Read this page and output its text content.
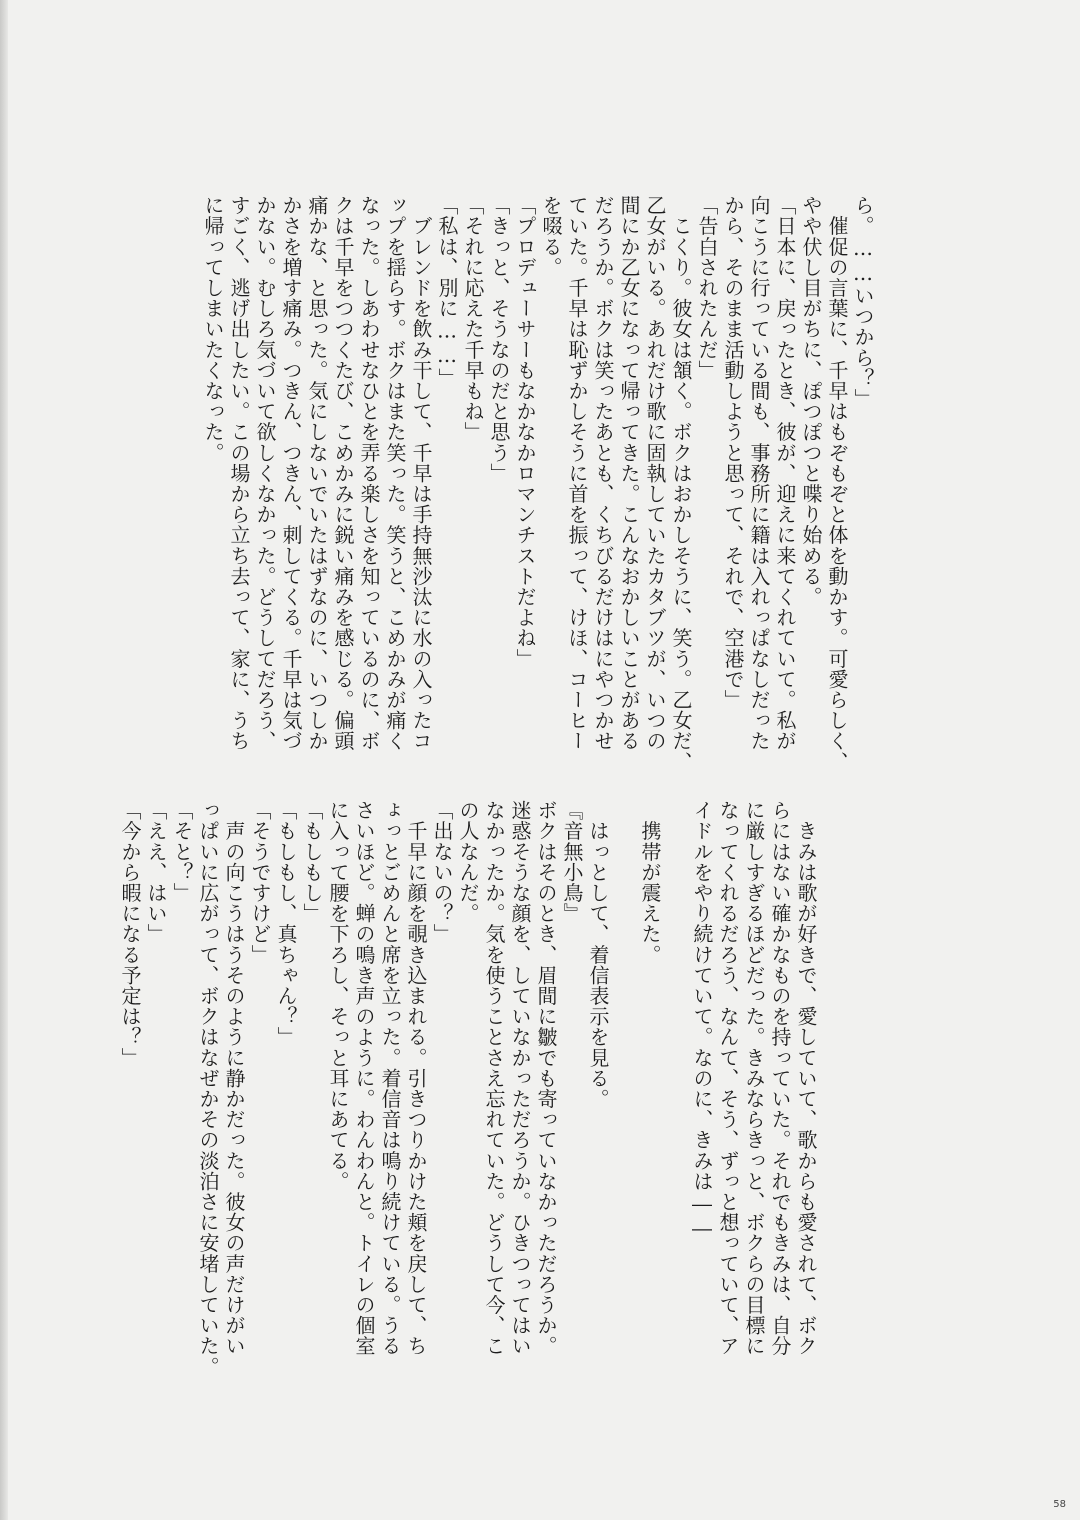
ら。……いつから？」

　催促の言葉に、千早はもぞもぞと体を動かす。可愛らしく、

やや伏し目がちに、ぽつぽつと喋り始める。

「日本に、戻ったとき、彼が、迎えに来てくれていて。私が

向こうに行っている間も、事務所に籍は入れっぱなしだった

から、そのまま活動しようと思って、それで、空港で」

「告白されたんだ」

　こくり。彼女は頷く。ボクはおかしそうに、笑う。乙女だ、

乙女がいる。あれだけ歌に固執していたカタブツが、いつの

間にか乙女になって帰ってきた。こんなおかしいことがある

だろうか。ボクは笑ったあとも、くちびるだけはにやつかせ

ていた。千早は恥ずかしそうに首を振って、けほ、コーヒー

を啜る。

「プロデューサーもなかなかロマンチストだよね」

「きっと、そうなのだと思う」

「それに応えた千早もね」

「私は、別に……」

　ブレンドを飲み干して、千早は手持無沙汰に水の入ったコ

ップを揺らす。ボクはまた笑った。笑うと、こめかみが痛く

なった。しあわせなひとを弄る楽しさを知っているのに、ボ

クは千早をつつくたび、こめかみに鋭い痛みを感じる。偏頭

痛かな、と思った。気にしないでいたはずなのに、いつしか

かさを増す痛み。つきん、つきん、刺してくる。千早は気づ

かない。むしろ気づいて欲しくなかった。どうしてだろう、

すごく、逃げ出したい。この場から立ち去って、家に、うち

に帰ってしまいたくなった。

　きみは歌が好きで、愛していて、歌からも愛されて、ボク

らにはない確かなものを持っていた。それでもきみは、自分

に厳しすぎるほどだった。きみならきっと、ボクらの目標に

なってくれるだろう、なんて、そう、ずっと想っていて、ア

イドルをやり続けていて。なのに、きみは――

　携帯が震えた。

　はっとして、着信表示を見る。

『音無小鳥』

ボクはそのとき、眉間に皺でも寄っていなかっただろうか。

迷惑そうな顔を、していなかっただろうか。ひきつってはい

なかったか。気を使うことさえ忘れていた。どうして今、こ

の人なんだ。

「出ないの？」

　千早に顔を覗き込まれる。引きつりかけた頬を戻して、ち

ょっとごめんと席を立った。着信音は鳴り続けている。うる

さいほど。蝉の鳴き声のように。わんわんと。トイレの個室

に入って腰を下ろし、そっと耳にあてる。

「もしもし」

「もしもし、真ちゃん？」

「そうですけど」

　声の向こうはうそのように静かだった。彼女の声だけがい

っぱいに広がって、ボクはなぜかその淡泊さに安堵していた。

「そと？」

「ええ、はい」

「今から暇になる予定は？」

58
